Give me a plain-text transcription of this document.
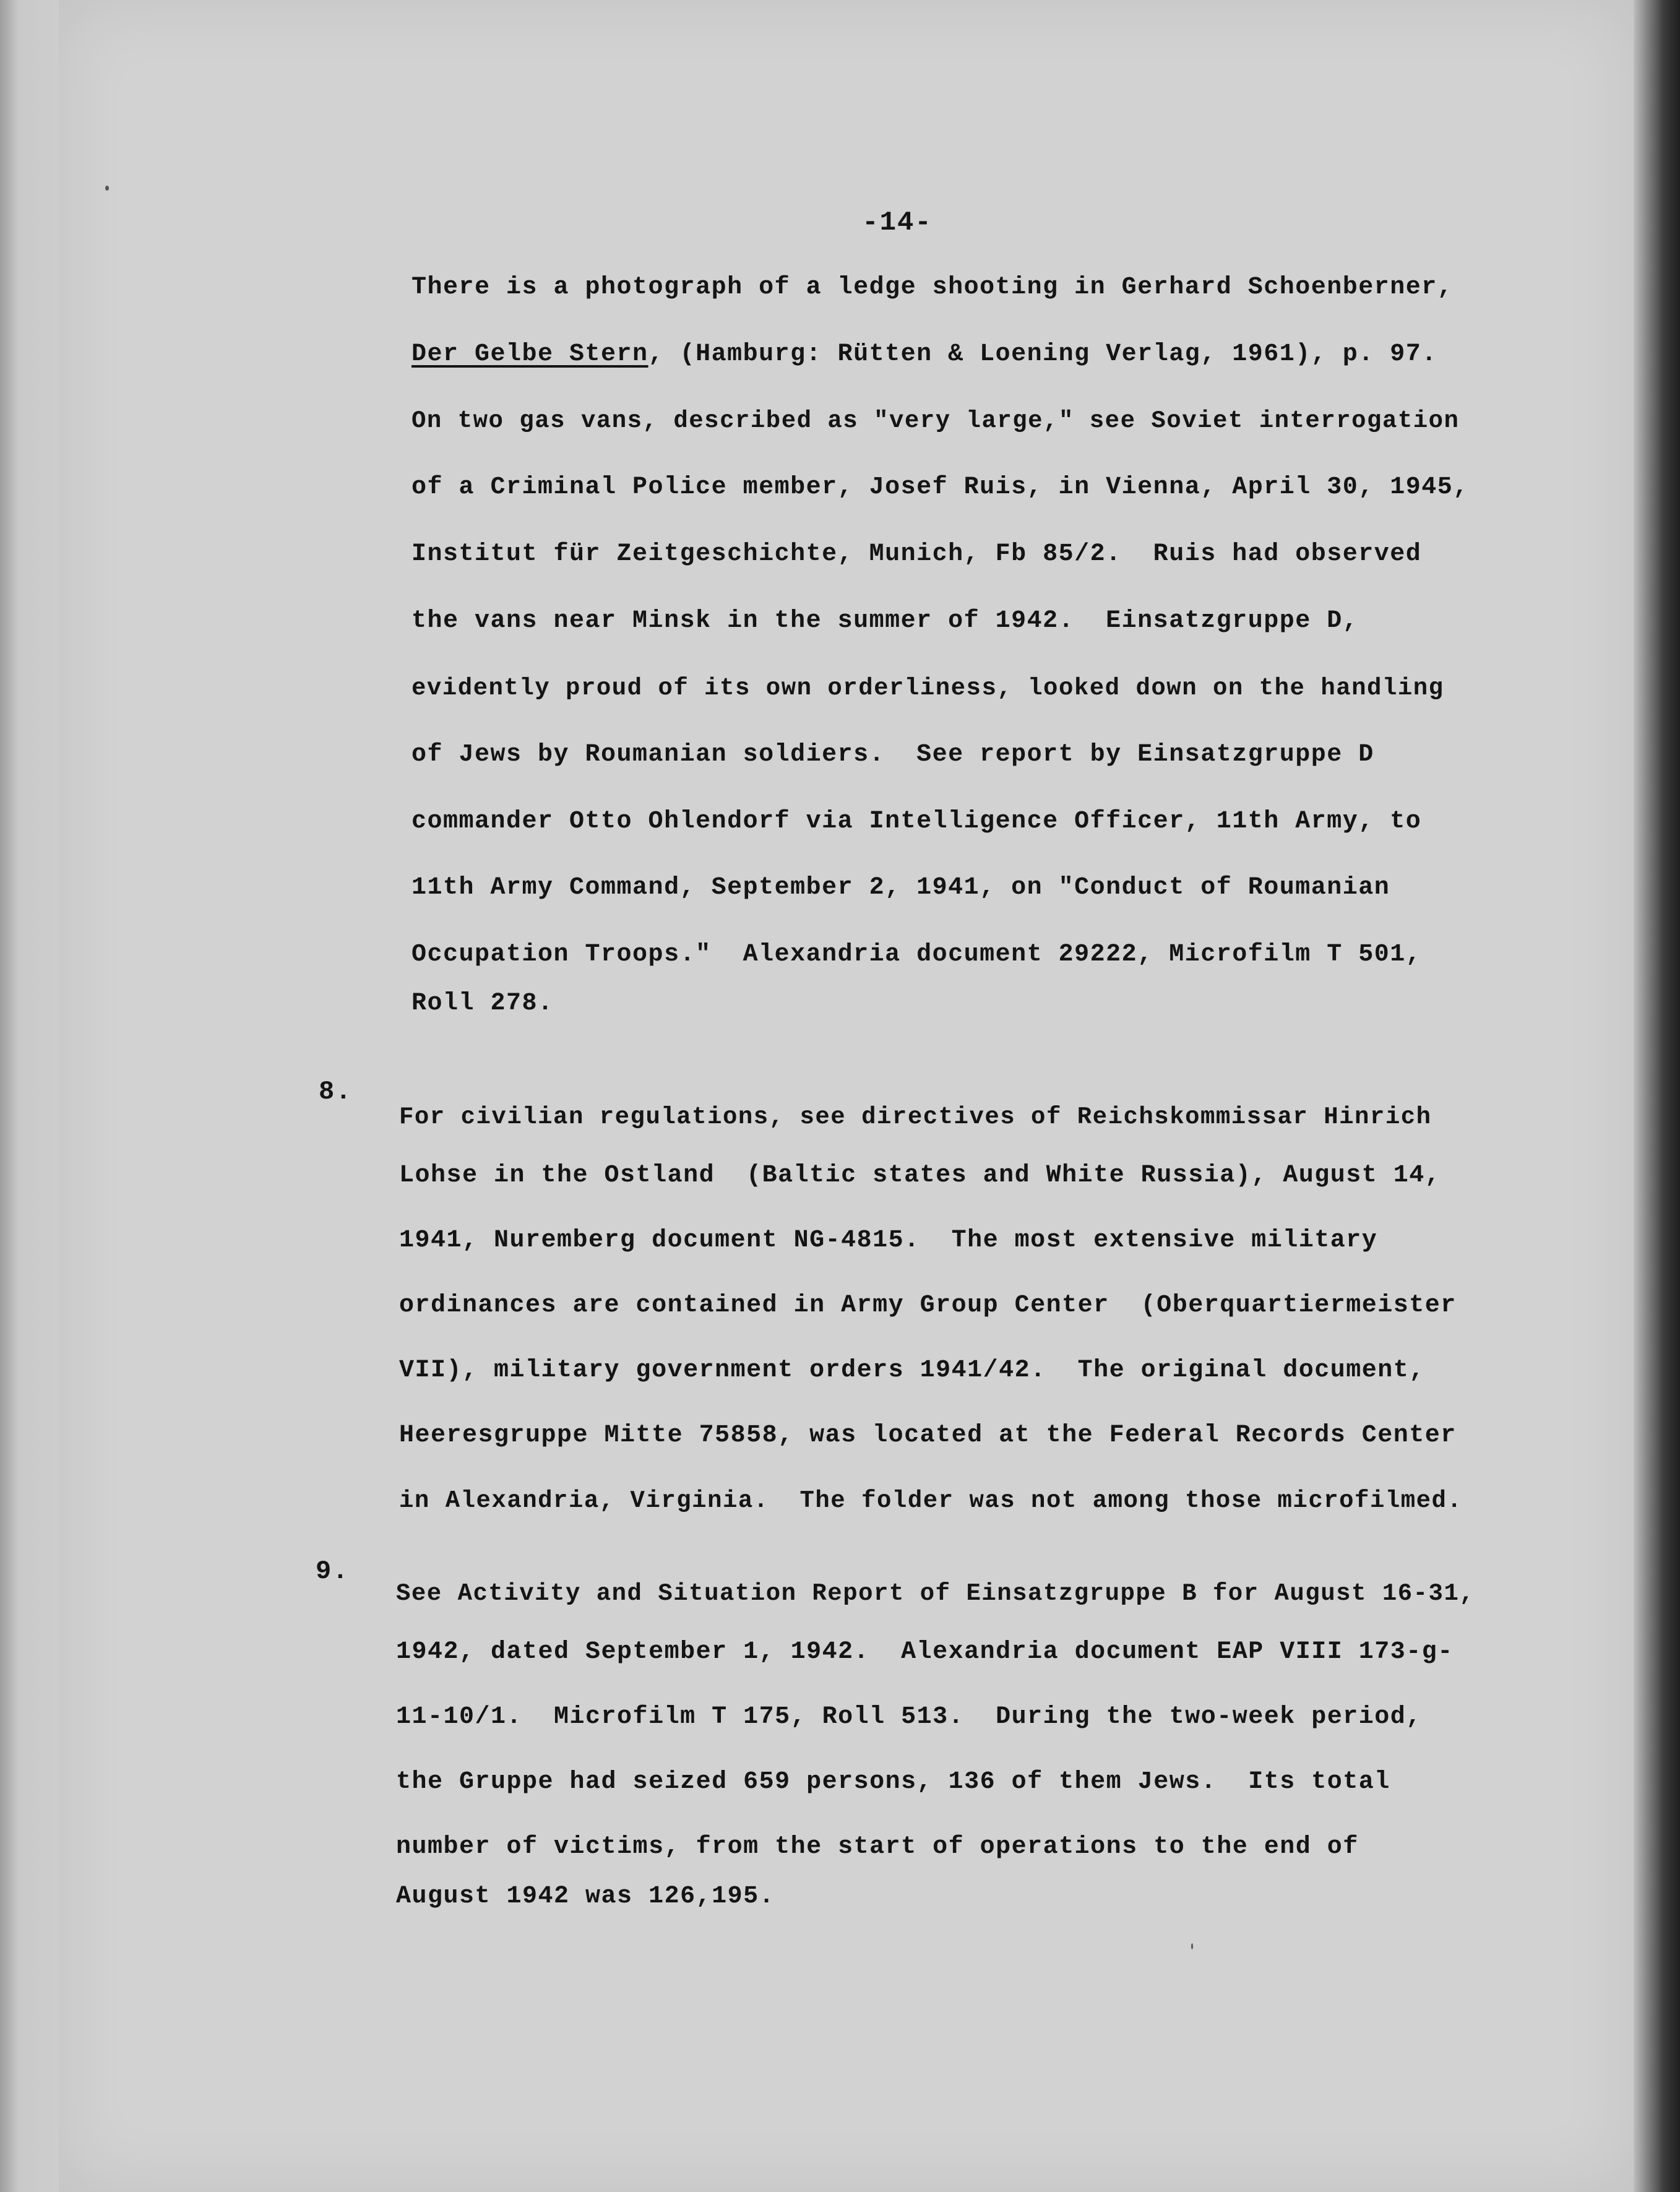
-14-
There is a photograph of a ledge shooting in Gerhard Schoenberner,
Der Gelbe Stern, (Hamburg: Rütten & Loening Verlag, 1961), p. 97.
On two gas vans, described as "very large," see Soviet interrogation
of a Criminal Police member, Josef Ruis, in Vienna, April 30, 1945,
Institut für Zeitgeschichte, Munich, Fb 85/2.  Ruis had observed
the vans near Minsk in the summer of 1942.  Einsatzgruppe D,
evidently proud of its own orderliness, looked down on the handling
of Jews by Roumanian soldiers.  See report by Einsatzgruppe D
commander Otto Ohlendorf via Intelligence Officer, 11th Army, to
11th Army Command, September 2, 1941, on "Conduct of Roumanian
Occupation Troops."  Alexandria document 29222, Microfilm T 501,
Roll 278.
8.
For civilian regulations, see directives of Reichskommissar Hinrich
Lohse in the Ostland  (Baltic states and White Russia), August 14,
1941, Nuremberg document NG-4815.  The most extensive military
ordinances are contained in Army Group Center  (Oberquartiermeister
VII), military government orders 1941/42.  The original document,
Heeresgruppe Mitte 75858, was located at the Federal Records Center
in Alexandria, Virginia.  The folder was not among those microfilmed.
9.
See Activity and Situation Report of Einsatzgruppe B for August 16-31,
1942, dated September 1, 1942.  Alexandria document EAP VIII 173-g-
11-10/1.  Microfilm T 175, Roll 513.  During the two-week period,
the Gruppe had seized 659 persons, 136 of them Jews.  Its total
number of victims, from the start of operations to the end of
August 1942 was 126,195.
